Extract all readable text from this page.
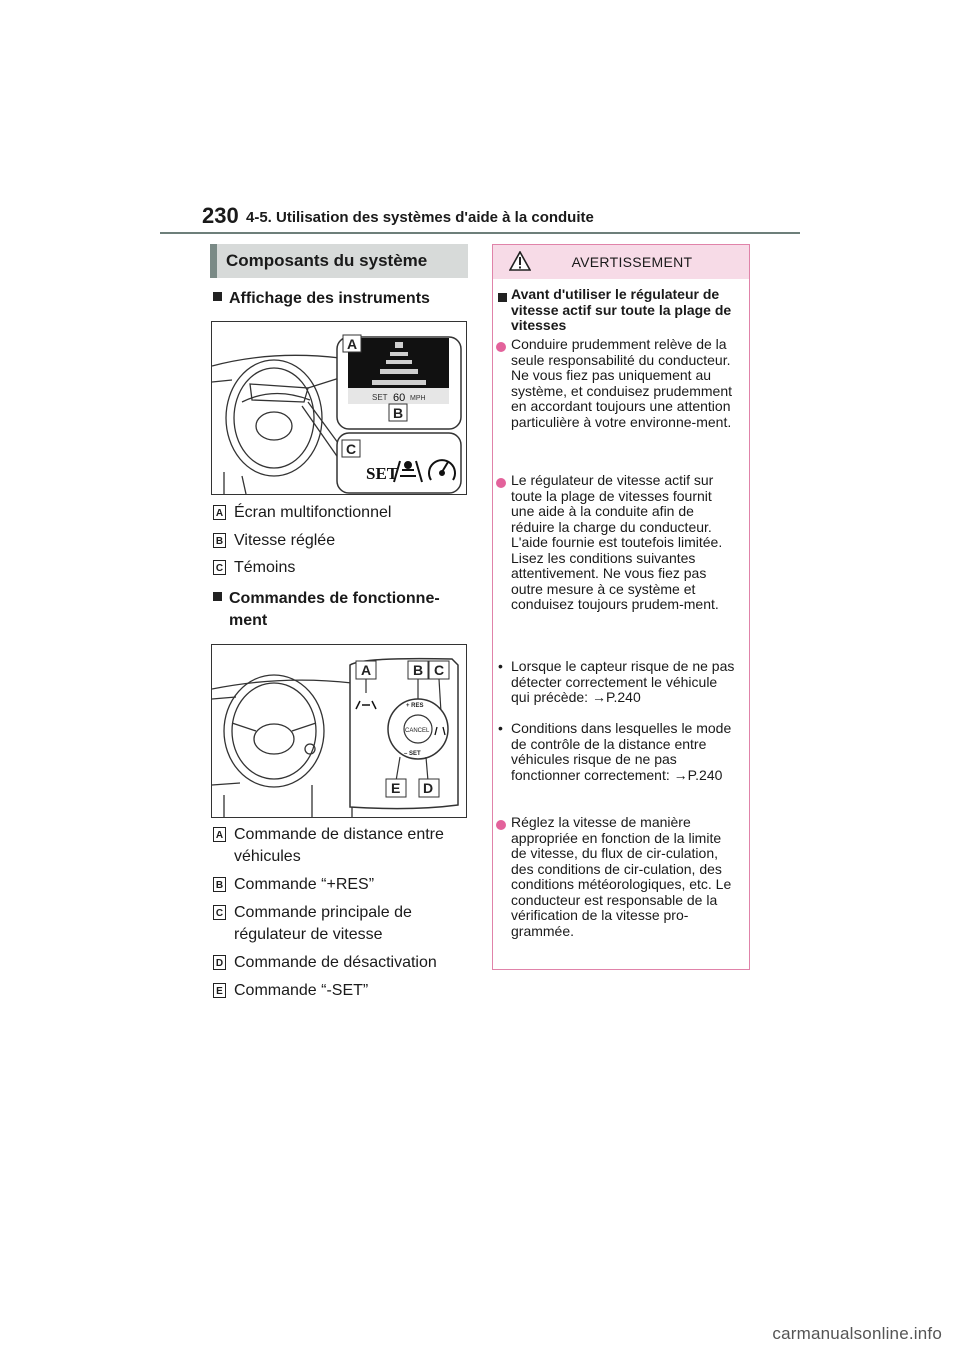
230 4-5. Utilisation des systèmes d'aide à la conduite
Composants du système
Affichage des instruments
SET 60 MPH
A
B
C
SET
A Écran multifonctionnel
B Vitesse réglée
C Témoins
Commandes de fonctionne-
ment
A	B C
CANCEL
+ RES
– SET
E D
A Commande de distance entre véhicules
B Commande “+RES”
C Commande principale de régulateur de vitesse
D Commande de désactivation
E Commande “-SET”
AVERTISSEMENT
Avant d'utiliser le régulateur de vitesse actif sur toute la plage de vitesses
Conduire prudemment relève de la seule responsabilité du conducteur. Ne vous fiez pas uniquement au système, et conduisez prudemment en accordant toujours une attention particulière à votre environne-ment.
Le régulateur de vitesse actif sur toute la plage de vitesses fournit une aide à la conduite afin de réduire la charge du conducteur. L'aide fournie est toutefois limitée.
Lisez les conditions suivantes attentivement. Ne vous fiez pas outre mesure à ce système et conduisez toujours prudem-ment.
• Lorsque le capteur risque de ne pas détecter correctement le véhicule qui précède: →P.240
• Conditions dans lesquelles le mode de contrôle de la distance entre véhicules risque de ne pas fonctionner correctement: →P.240
Réglez la vitesse de manière appropriée en fonction de la limite de vitesse, du flux de cir-culation, des conditions de cir-culation, des conditions météorologiques, etc. Le conducteur est responsable de la vérification de la vitesse pro-grammée.
carmanualsonline.info
